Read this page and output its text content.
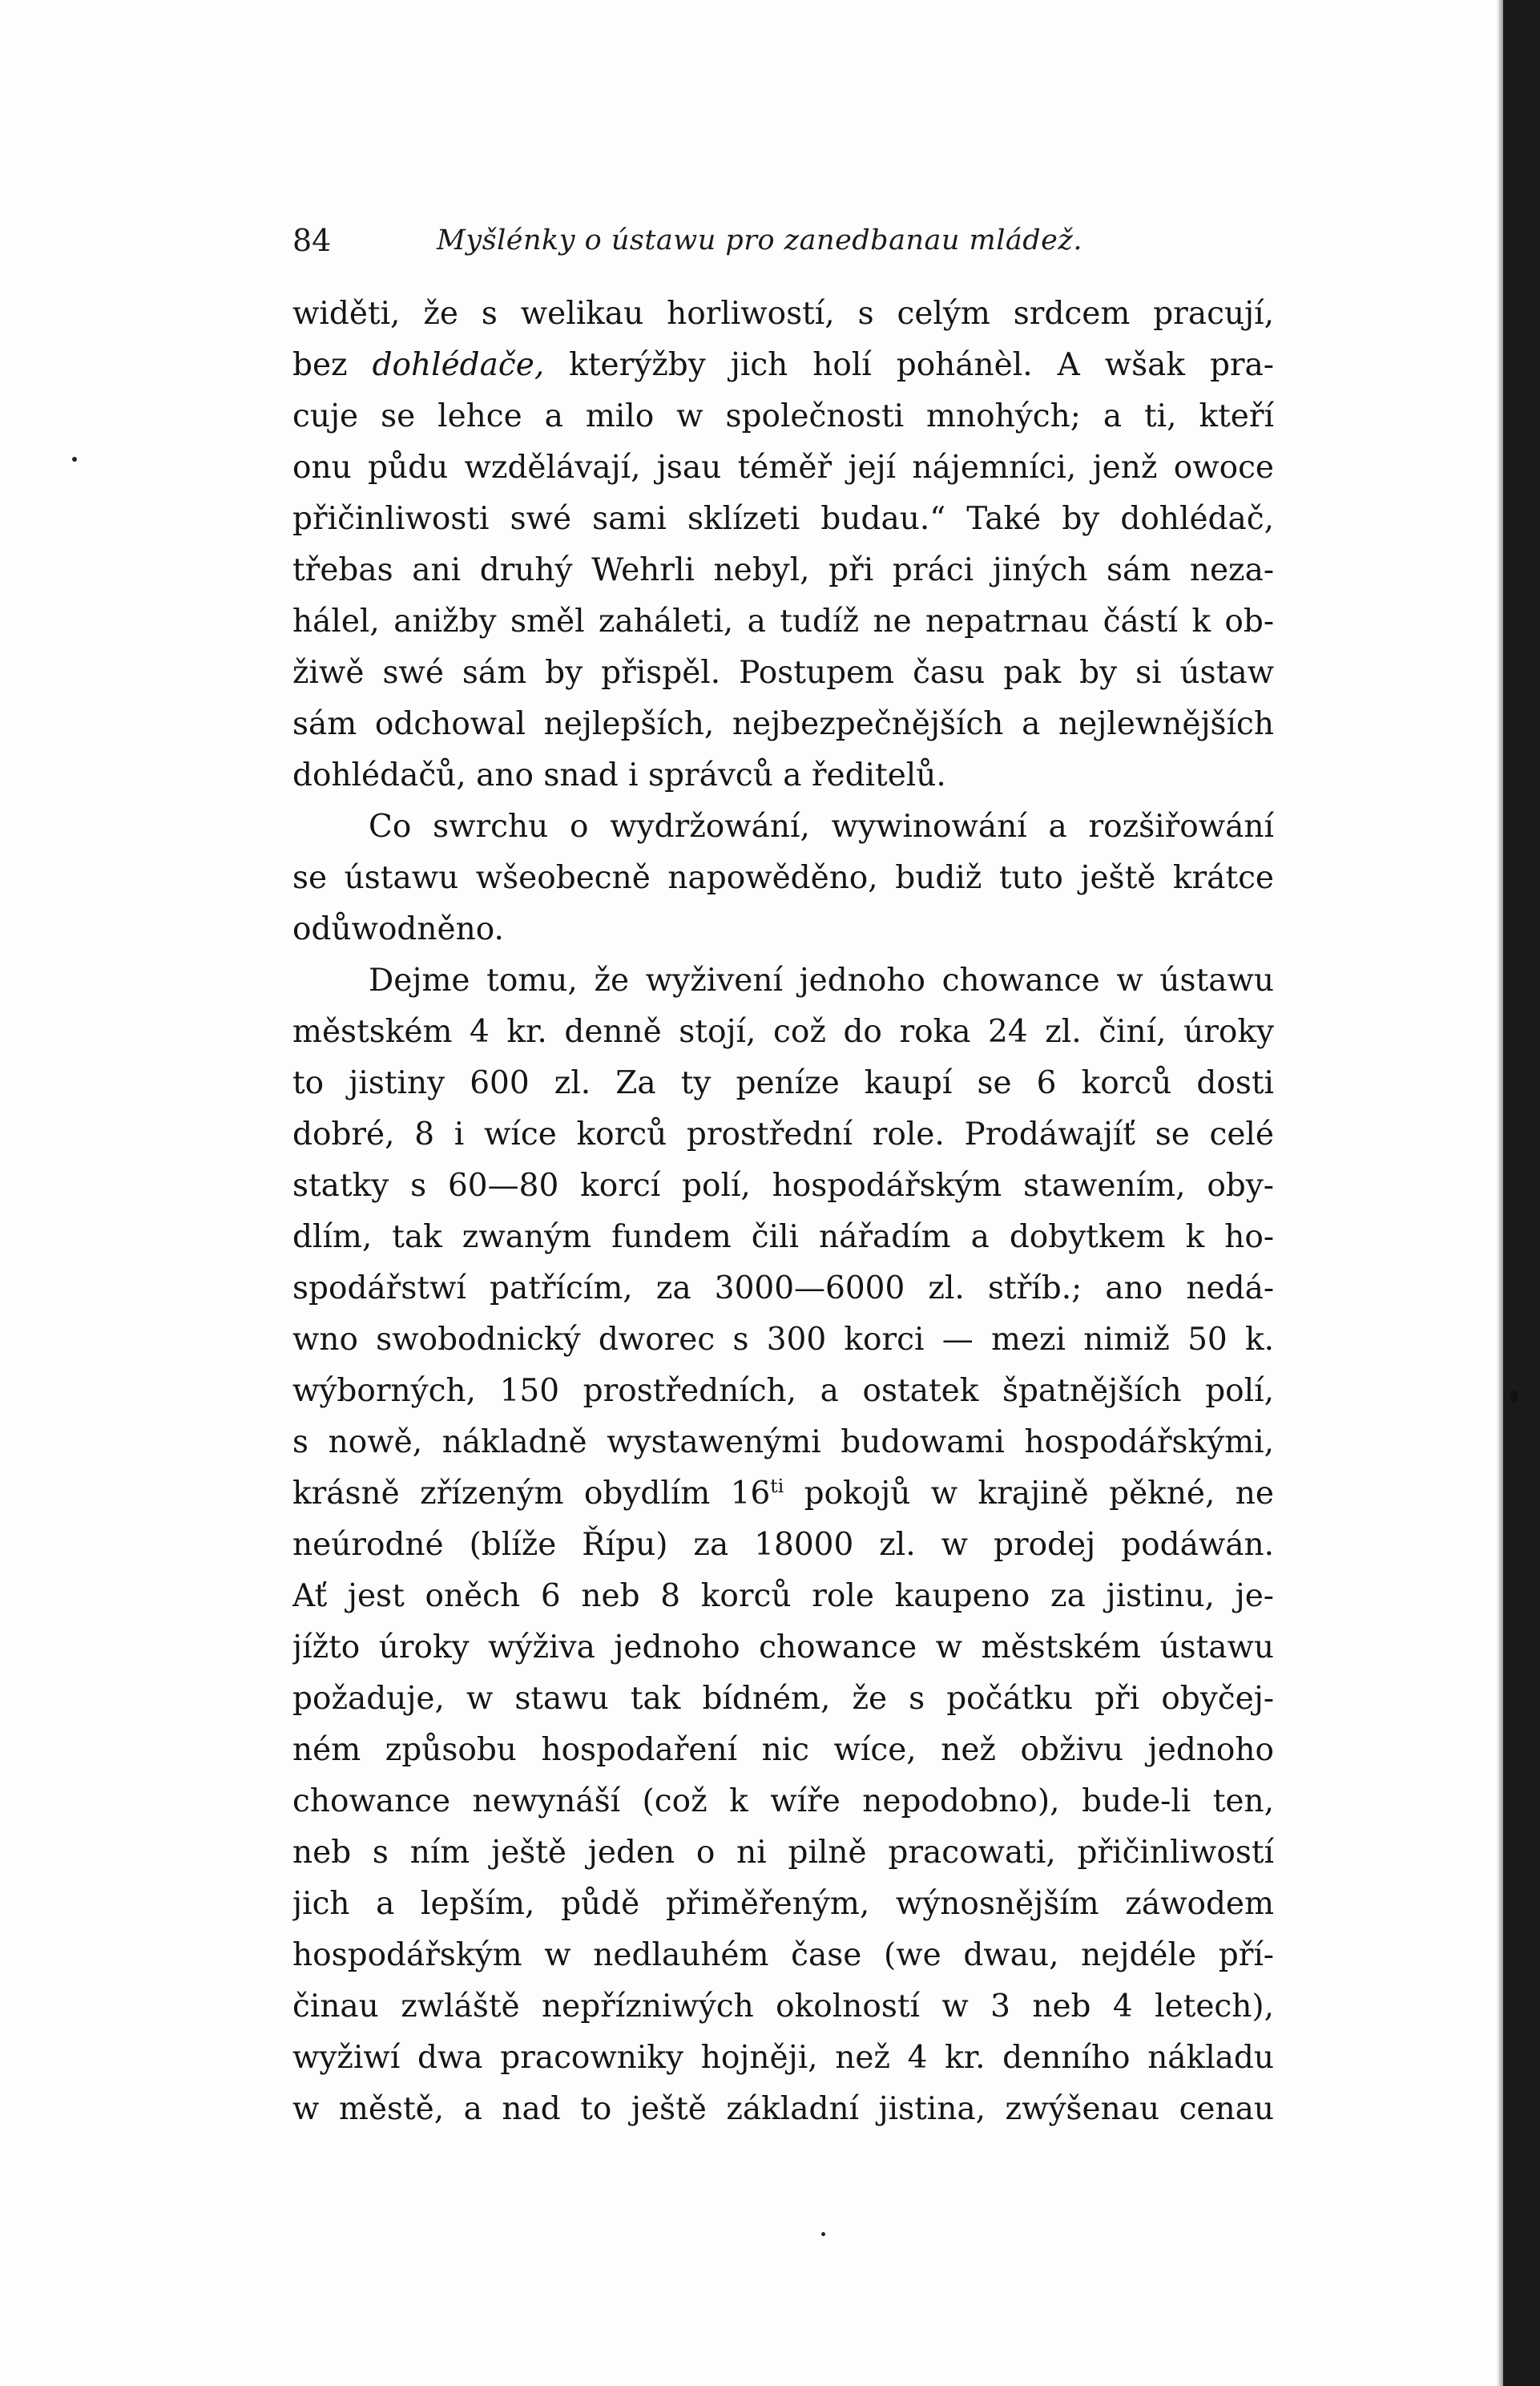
84	Myšlénky o ústawu pro zanedbanau mládež.
widěti, že s welikau horliwostí, s celým srdcem pracují,
bez dohlédače, kterýžby jich holí pohánèl. A wšak pra-
cuje se lehce a milo w společnosti mnohých; a ti, kteří
onu půdu wzdělávají, jsau téměř její nájemníci, jenž owoce
přičinliwosti swé sami sklízeti budau.“ Také by dohlédač,
třebas ani druhý Wehrli nebyl, při práci jiných sám neza-
hálel, anižby směl zaháleti, a tudíž ne nepatrnau částí k ob-
žiwě swé sám by přispěl. Postupem času pak by si ústaw
sám odchowal nejlepších, nejbezpečnějších a nejlewnějších
dohlédačů, ano snad i správců a ředitelů.
Co swrchu o wydržowání, wywinowání a rozšiřowání
se ústawu wšeobecně napowěděno, budiž tuto ještě krátce
odůwodněno.
Dejme tomu, že wyživení jednoho chowance w ústawu
městském 4 kr. denně stojí, což do roka 24 zl. činí, úroky
to jistiny 600 zl. Za ty peníze kaupí se 6 korců dosti
dobré, 8 i wíce korců prostřední role. Prodáwajíť se celé
statky s 60—80 korcí polí, hospodářským stawením, oby-
dlím, tak zwaným fundem čili nářadím a dobytkem k ho-
spodářstwí patřícím, za 3000—6000 zl. stříb.; ano nedá-
wno swobodnický dworec s 300 korci — mezi nimiž 50 k.
wýborných, 150 prostředních, a ostatek špatnějších polí,
s nowě, nákladně wystawenými budowami hospodářskými,
krásně zřízeným obydlím $16^{ti}$ pokojů w krajině pěkné, ne
neúrodné (blíže Řípu) za 18000 zl. w prodej podáwán.
Ať jest oněch 6 neb 8 korců role kaupeno za jistinu, je-
jížto úroky wýživa jednoho chowance w městském ústawu
požaduje, w stawu tak bídném, že s počátku při obyčej-
ném způsobu hospodaření nic wíce, než obživu jednoho
chowance newynáší (což k wíře nepodobno), bude-li ten,
neb s ním ještě jeden o ni pilně pracowati, přičinliwostí
jich a lepším, půdě přiměřeným, wýnosnějším záwodem
hospodářským w nedlauhém čase (we dwau, nejdéle pří-
činau zwláště nepřízniwých okolností w 3 neb 4 letech),
wyžiwí dwa pracowniky hojněji, než 4 kr. denního nákladu
w městě, a nad to ještě základní jistina, zwýšenau cenau
